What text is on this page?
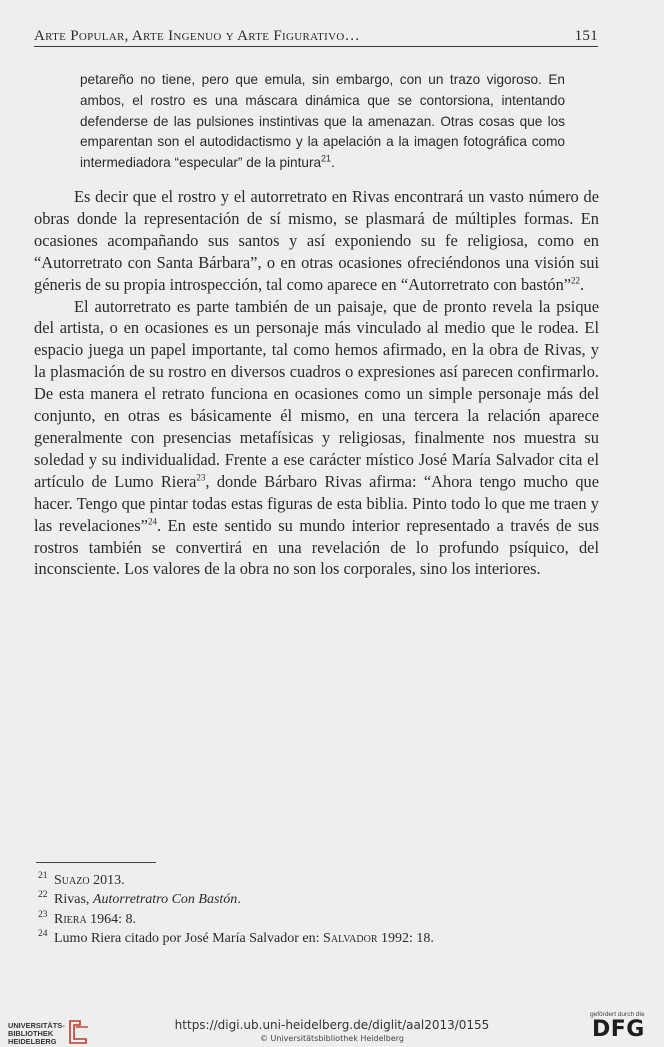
Arte Popular, Arte Ingenuo y Arte Figurativo…	151

petareño no tiene, pero que emula, sin embargo, con un trazo vigoroso. En ambos, el rostro es una máscara dinámica que se contorsiona, intentando defenderse de las pulsiones instintivas que la amenazan. Otras cosas que los emparentan son el autodidactismo y la apelación a la imagen fotográfica como intermediadora “especular” de la pintura$^{21}$.

Es decir que el rostro y el autorretrato en Rivas encontrará un vasto número de obras donde la representación de sí mismo, se plasmará de múltiples formas. En ocasiones acompañando sus santos y así exponiendo su fe religiosa, como en “Autorretrato con Santa Bárbara”, o en otras ocasiones ofreciéndonos una visión sui géneris de su propia introspección, tal como aparece en “Autorretrato con bastón”$^{22}$.

El autorretrato es parte también de un paisaje, que de pronto revela la psique del artista, o en ocasiones es un personaje más vinculado al medio que le rodea. El espacio juega un papel importante, tal como hemos afirmado, en la obra de Rivas, y la plasmación de su rostro en diversos cuadros o expresiones así parecen confirmarlo. De esta manera el retrato funciona en ocasiones como un simple personaje más del conjunto, en otras es básicamente él mismo, en una tercera la relación aparece generalmente con presencias metafísicas y religiosas, finalmente nos muestra su soledad y su individualidad. Frente a ese carácter místico José María Salvador cita el artículo de Lumo Riera$^{23}$, donde Bárbaro Rivas afirma: “Ahora tengo mucho que hacer. Tengo que pintar todas estas figuras de esta biblia. Pinto todo lo que me traen y las revelaciones”$^{24}$. En este sentido su mundo interior representado a través de sus rostros también se convertirá en una revelación de lo profundo psíquico, del inconsciente. Los valores de la obra no son los corporales, sino los interiores.

21 Suazo 2013.
22 Rivas, Autorretratro Con Bastón.
23 Riera 1964: 8.
24 Lumo Riera citado por José María Salvador en: Salvador 1992: 18.
UNIVERSITÄTS-
BIBLIOTHEK
HEIDELBERG
https://digi.ub.uni-heidelberg.de/diglit/aal2013/0155
© Universitätsbibliothek Heidelberg
gefördert durch die
DFG
